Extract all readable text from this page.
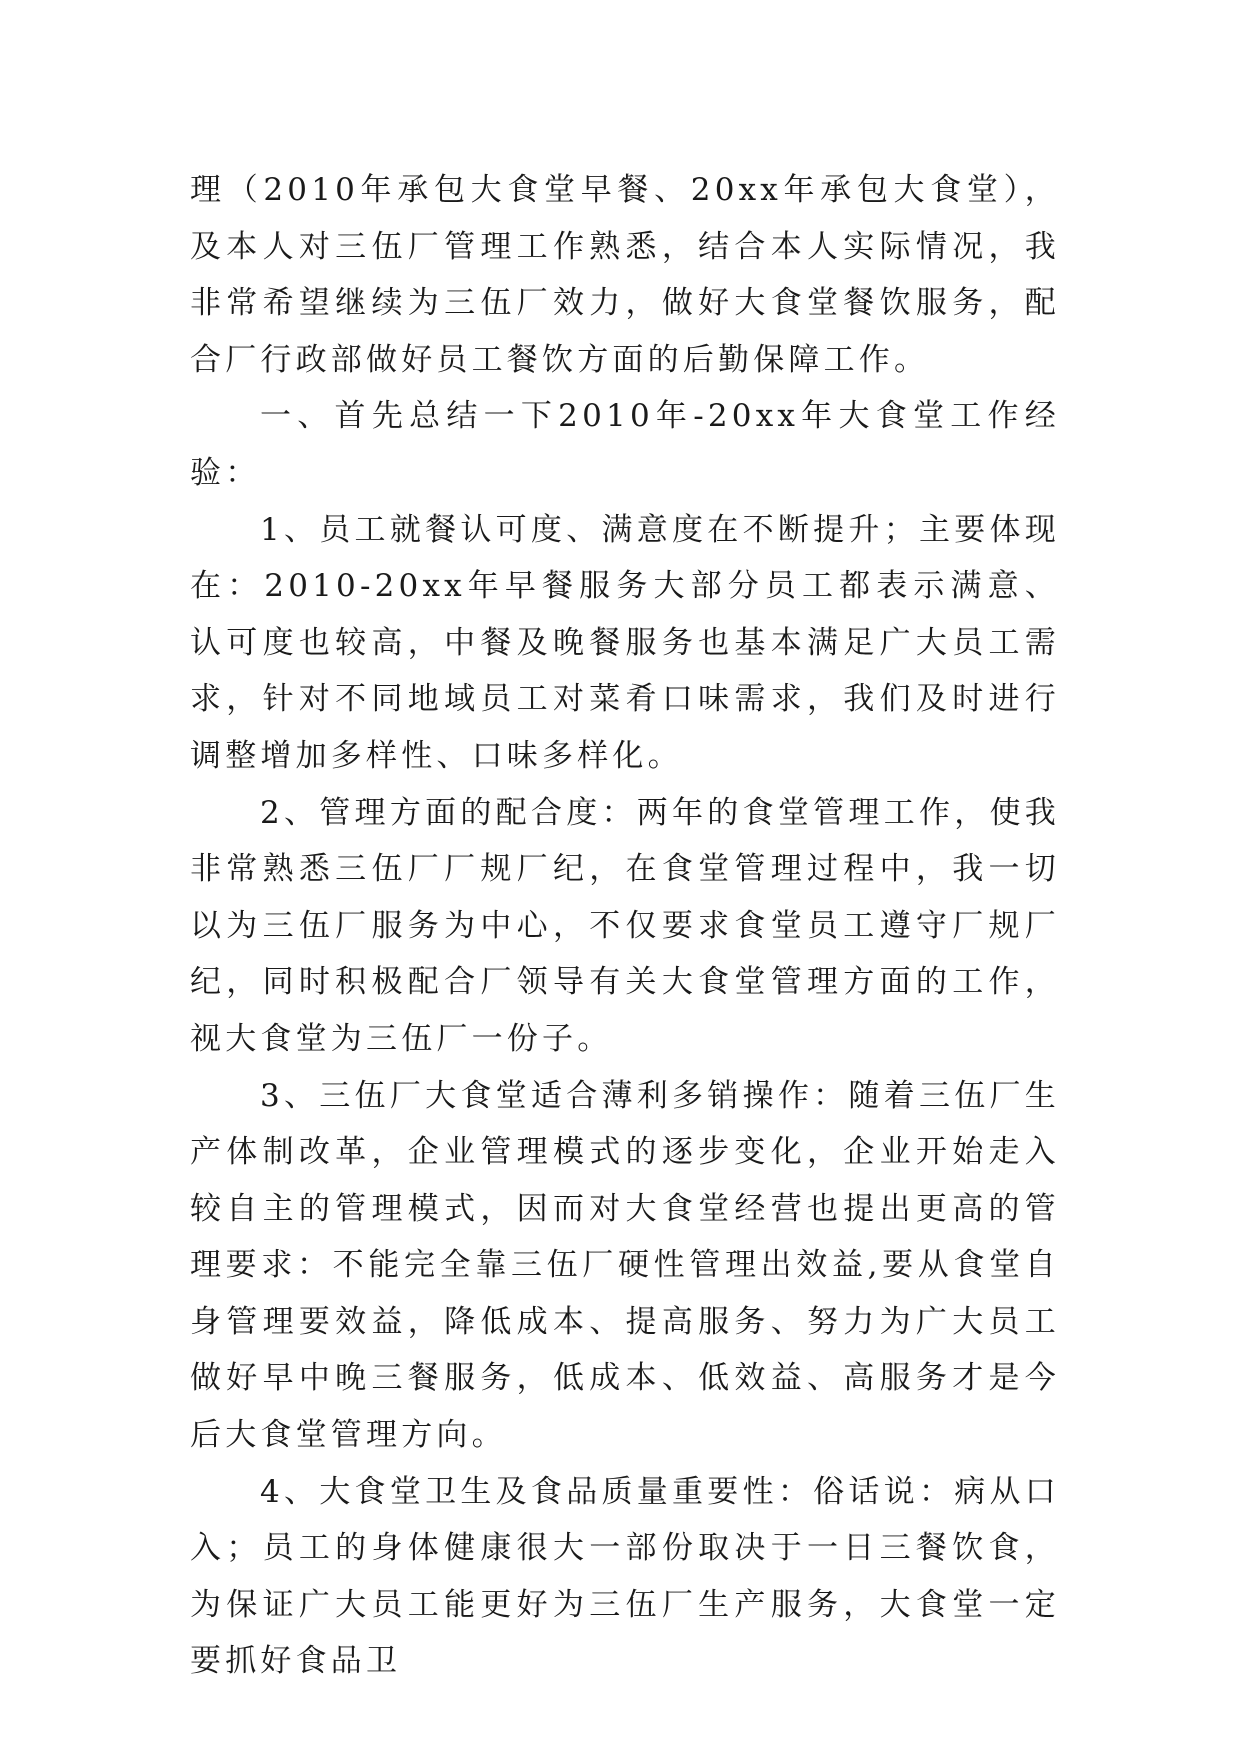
理（2010年承包大食堂早餐、20xx年承包大食堂），及本人对三伍厂管理工作熟悉，结合本人实际情况，我非常希望继续为三伍厂效力，做好大食堂餐饮服务，配合厂行政部做好员工餐饮方面的后勤保障工作。

一、首先总结一下2010年-20xx年大食堂工作经验：

1、员工就餐认可度、满意度在不断提升；主要体现在：2010-20xx年早餐服务大部分员工都表示满意、认可度也较高，中餐及晚餐服务也基本满足广大员工需求，针对不同地域员工对菜肴口味需求，我们及时进行调整增加多样性、口味多样化。

2、管理方面的配合度：两年的食堂管理工作，使我非常熟悉三伍厂厂规厂纪，在食堂管理过程中，我一切以为三伍厂服务为中心，不仅要求食堂员工遵守厂规厂纪，同时积极配合厂领导有关大食堂管理方面的工作，视大食堂为三伍厂一份子。

3、三伍厂大食堂适合薄利多销操作：随着三伍厂生产体制改革，企业管理模式的逐步变化，企业开始走入较自主的管理模式，因而对大食堂经营也提出更高的管理要求：不能完全靠三伍厂硬性管理出效益,要从食堂自身管理要效益，降低成本、提高服务、努力为广大员工做好早中晚三餐服务，低成本、低效益、高服务才是今后大食堂管理方向。

4、大食堂卫生及食品质量重要性：俗话说：病从口入；员工的身体健康很大一部份取决于一日三餐饮食，为保证广大员工能更好为三伍厂生产服务，大食堂一定要抓好食品卫
